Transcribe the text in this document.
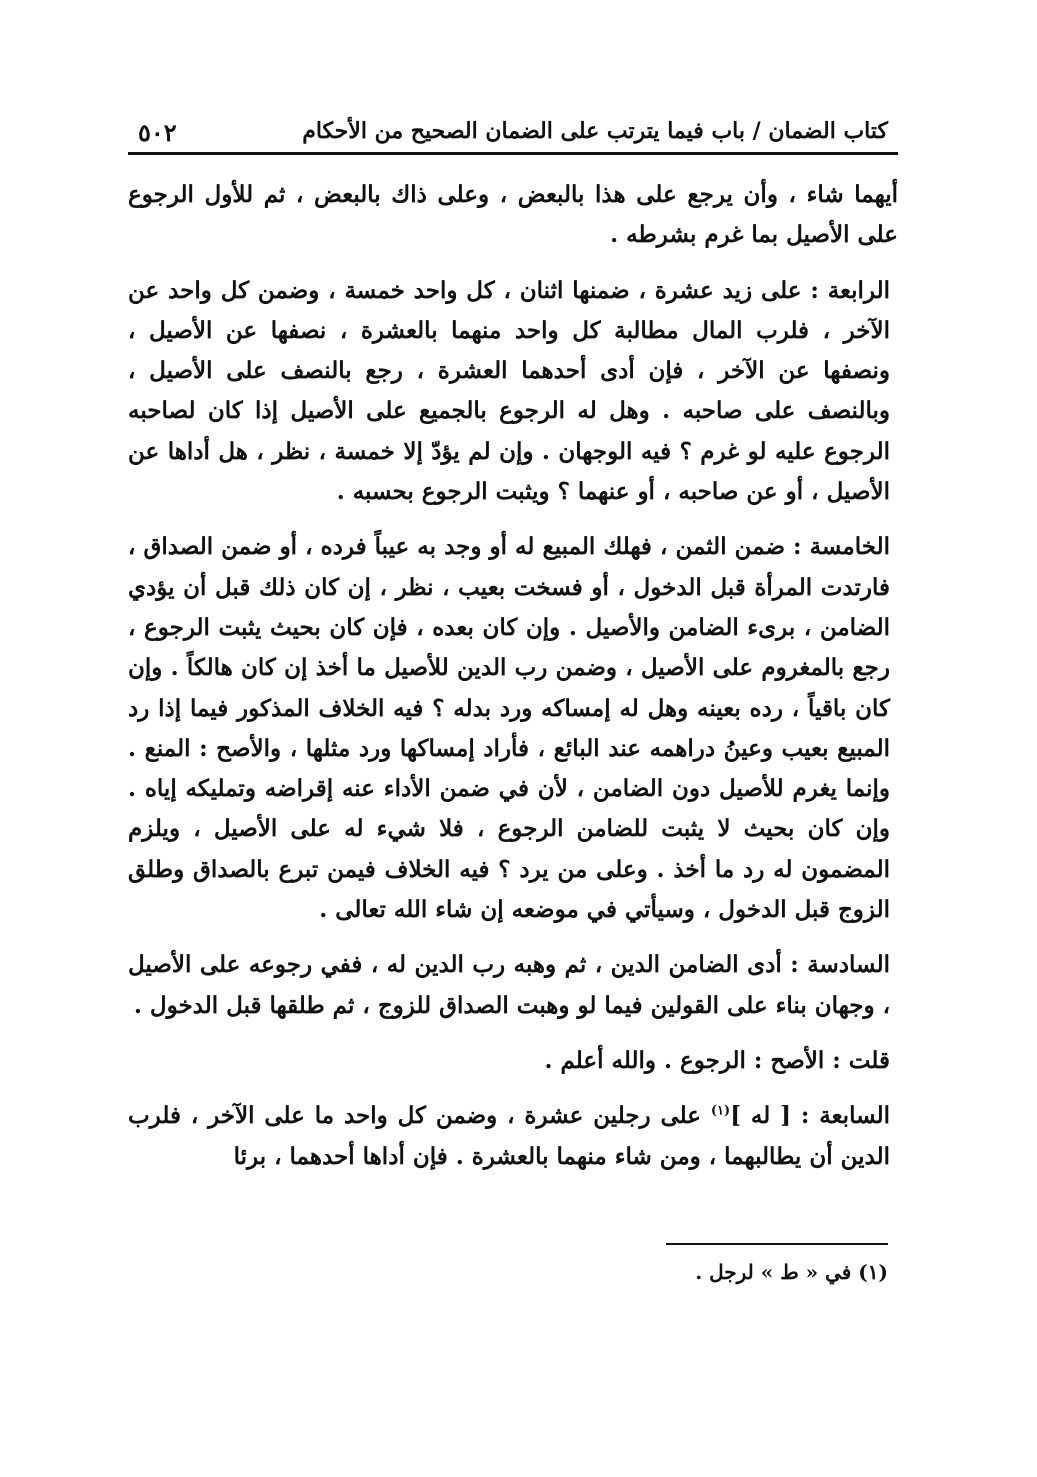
كتاب الضمان / باب فيما يترتب على الضمان الصحيح من الأحكام
٥٠٢

أيهما شاء ، وأن يرجع على هذا بالبعض ، وعلى ذاك بالبعض ، ثم للأول الرجوع على الأصيل بما غرم بشرطه .

الرابعة : على زيد عشرة ، ضمنها اثنان ، كل واحد خمسة ، وضمن كل واحد عن الآخر ، فلرب المال مطالبة كل واحد منهما بالعشرة ، نصفها عن الأصيل ، ونصفها عن الآخر ، فإن أدى أحدهما العشرة ، رجع بالنصف على الأصيل ، وبالنصف على صاحبه . وهل له الرجوع بالجميع على الأصيل إذا كان لصاحبه الرجوع عليه لو غرم ؟ فيه الوجهان . وإن لم يؤدّ إلا خمسة ، نظر ، هل أداها عن الأصيل ، أو عن صاحبه ، أو عنهما ؟ ويثبت الرجوع بحسبه .

الخامسة : ضمن الثمن ، فهلك المبيع له أو وجد به عيباً فرده ، أو ضمن الصداق ، فارتدت المرأة قبل الدخول ، أو فسخت بعيب ، نظر ، إن كان ذلك قبل أن يؤدي الضامن ، برىء الضامن والأصيل . وإن كان بعده ، فإن كان بحيث يثبت الرجوع ، رجع بالمغروم على الأصيل ، وضمن رب الدين للأصيل ما أخذ إن كان هالكاً . وإن كان باقياً ، رده بعينه وهل له إمساكه ورد بدله ؟ فيه الخلاف المذكور فيما إذا رد المبيع بعيب وعينُ دراهمه عند البائع ، فأراد إمساكها ورد مثلها ، والأصح : المنع . وإنما يغرم للأصيل دون الضامن ، لأن في ضمن الأداء عنه إقراضه وتمليكه إياه . وإن كان بحيث لا يثبت للضامن الرجوع ، فلا شيء له على الأصيل ، ويلزم المضمون له رد ما أخذ . وعلى من يرد ؟ فيه الخلاف فيمن تبرع بالصداق وطلق الزوج قبل الدخول ، وسيأتي في موضعه إن شاء الله تعالى .

السادسة : أدى الضامن الدين ، ثم وهبه رب الدين له ، ففي رجوعه على الأصيل ، وجهان بناء على القولين فيما لو وهبت الصداق للزوج ، ثم طلقها قبل الدخول .

قلت : الأصح : الرجوع . والله أعلم .

السابعة : [ له ]$^{(١)}$ على رجلين عشرة ، وضمن كل واحد ما على الآخر ، فلرب الدين أن يطالبهما ، ومن شاء منهما بالعشرة . فإن أداها أحدهما ، برئا

(١) في « ط » لرجل .
